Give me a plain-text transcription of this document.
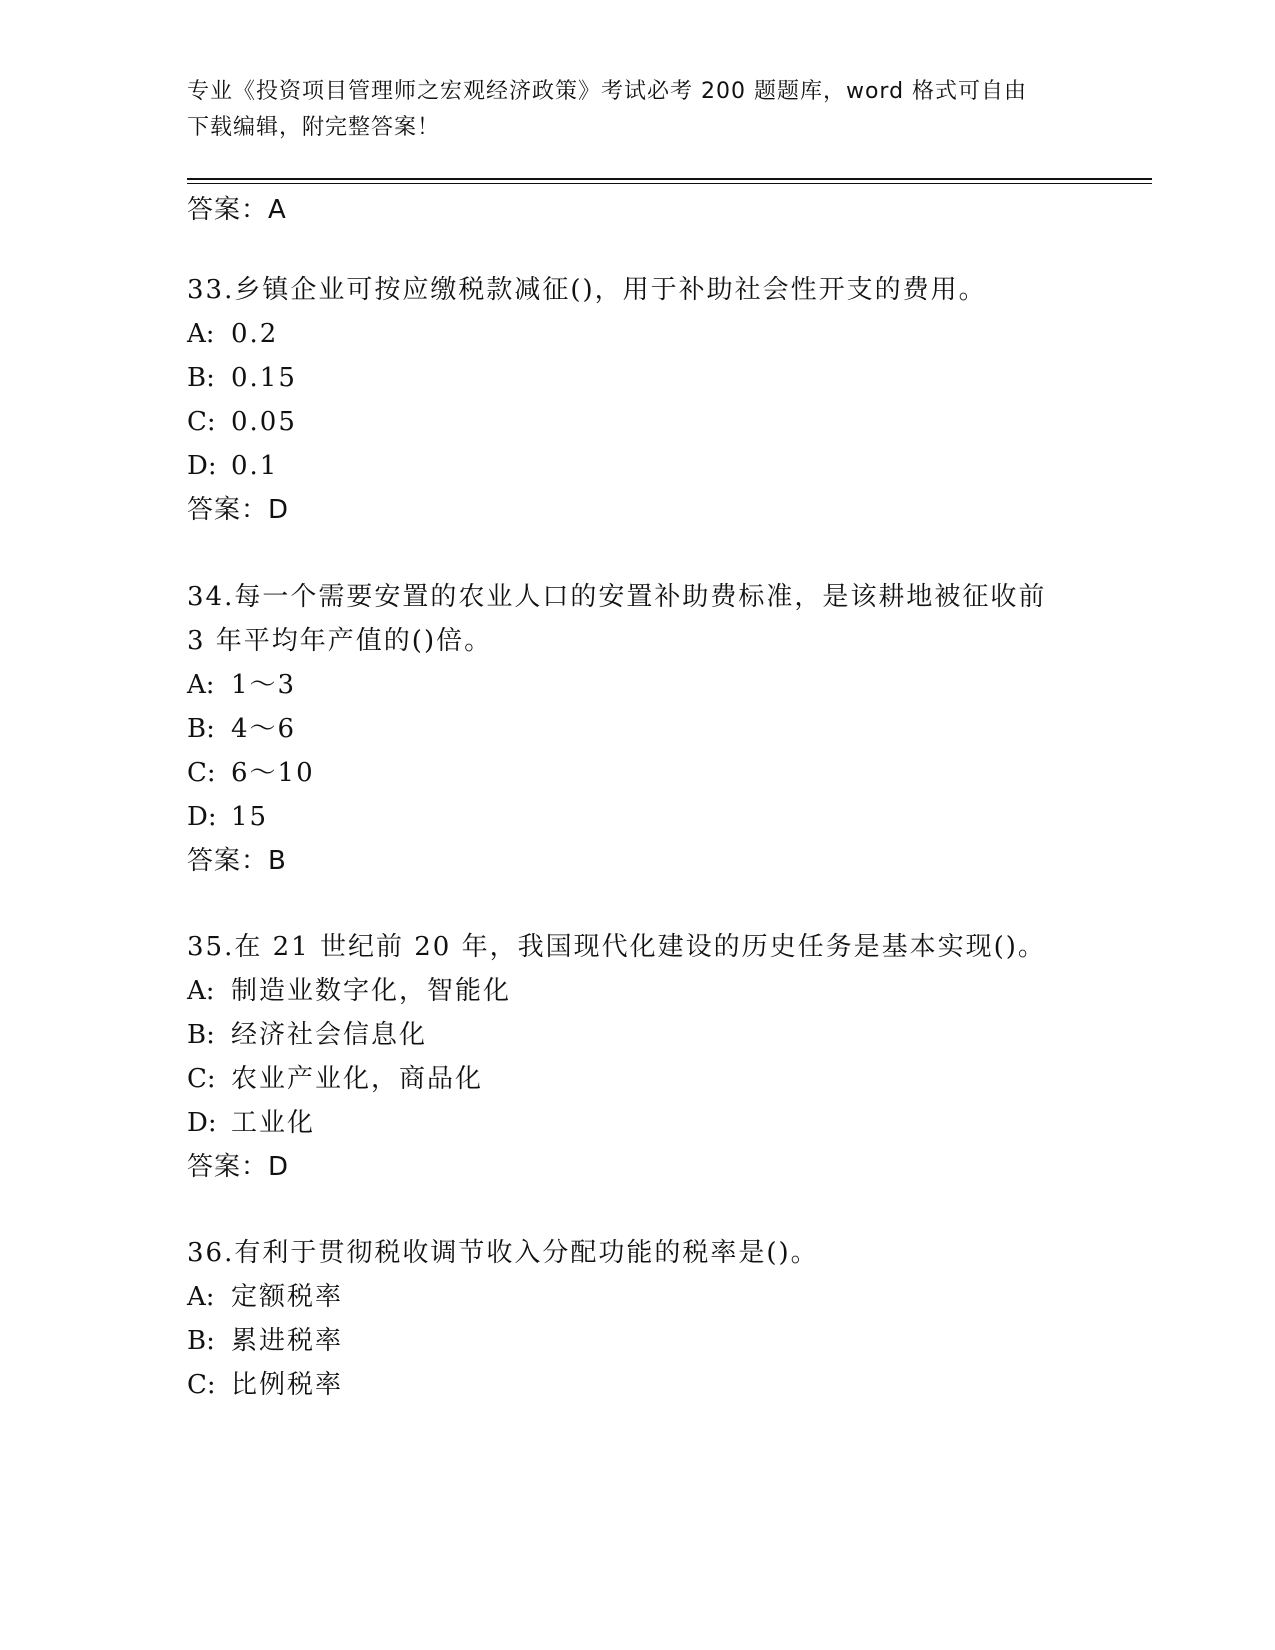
专业《投资项目管理师之宏观经济政策》考试必考 200 题题库，word 格式可自由
下载编辑，附完整答案！
答案：A
33.乡镇企业可按应缴税款减征()，用于补助社会性开支的费用。
A: 0.2
B: 0.15
C: 0.05
D: 0.1
答案：D
34.每一个需要安置的农业人口的安置补助费标准，是该耕地被征收前
3 年平均年产值的()倍。
A: 1～3
B: 4～6
C: 6～10
D: 15
答案：B
35.在 21 世纪前 20 年，我国现代化建设的历史任务是基本实现()。
A: 制造业数字化，智能化
B: 经济社会信息化
C: 农业产业化，商品化
D: 工业化
答案：D
36.有利于贯彻税收调节收入分配功能的税率是()。
A: 定额税率
B: 累进税率
C: 比例税率
